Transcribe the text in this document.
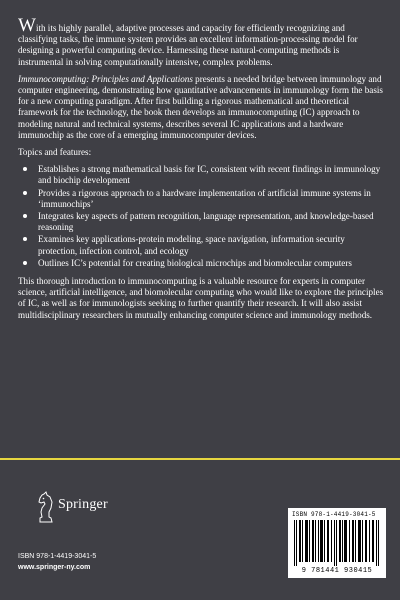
With its highly parallel, adaptive processes and capacity for efficiently recognizing and classifying tasks, the immune system provides an excellent information-processing model for designing a powerful computing device. Harnessing these natural-computing methods is instrumental in solving computationally intensive, complex problems.

Immunocomputing: Principles and Applications presents a needed bridge between immunology and computer engineering, demonstrating how quantitative advancements in immunology form the basis for a new computing paradigm. After first building a rigorous mathematical and theoretical framework for the technology, the book then develops an immunocomputing (IC) approach to modeling natural and technical systems, describes several IC applications and a hardware immunochip as the core of a emerging immunocomputer devices.

Topics and features:

Establishes a strong mathematical basis for IC, consistent with recent findings in immunology and biochip development
Provides a rigorous approach to a hardware implementation of artificial immune systems in ‘immunochips’
Integrates key aspects of pattern recognition, language representation, and knowledge-based reasoning
Examines key applications-protein modeling, space navigation, information security protection, infection control, and ecology
Outlines IC’s potential for creating biological microchips and biomolecular computers

This thorough introduction to immunocomputing is a valuable resource for experts in computer science, artificial intelligence, and biomolecular computing who would like to explore the principles of IC, as well as for immunologists seeking to further quantify their research. It will also assist multidisciplinary researchers in mutually enhancing computer science and immunology methods.

Springer
ISBN 978-1-4419-3041-5
www.springer-ny.com
ISBN 978-1-4419-3041-5
9 781441 930415
